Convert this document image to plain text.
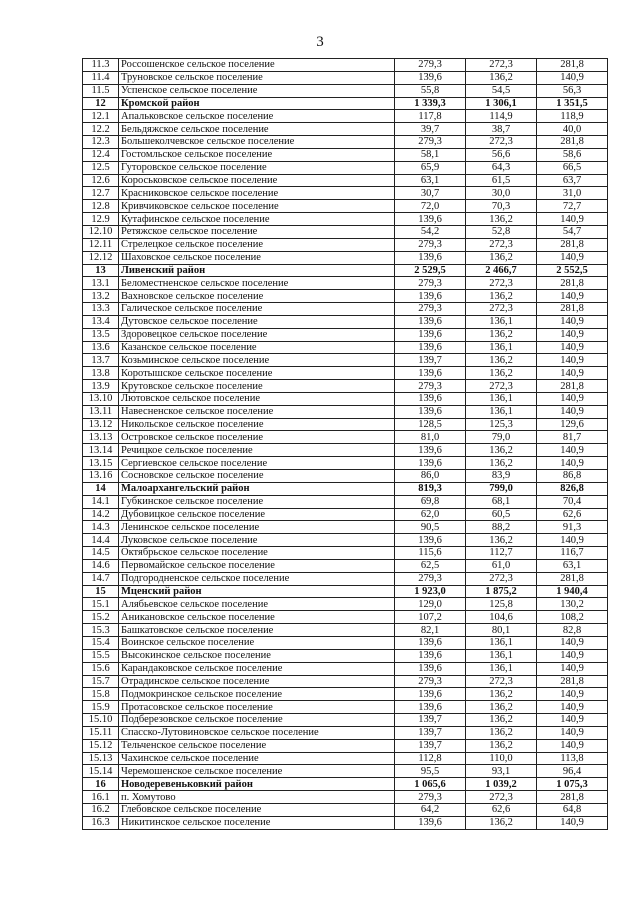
3
11.3	Россошенское сельское поселение	279,3	272,3	281,8
11.4	Труновское сельское поселение	139,6	136,2	140,9
11.5	Успенское сельское поселение	55,8	54,5	56,3
12	Кромской район	1 339,3	1 306,1	1 351,5
12.1	Апальковское сельское поселение	117,8	114,9	118,9
12.2	Бельдяжское сельское поселение	39,7	38,7	40,0
12.3	Большеколчевское сельское поселение	279,3	272,3	281,8
12.4	Гостомльское сельское поселение	58,1	56,6	58,6
12.5	Гуторовское сельское поселение	65,9	64,3	66,5
12.6	Короськовское сельское поселение	63,1	61,5	63,7
12.7	Красниковское сельское поселение	30,7	30,0	31,0
12.8	Кривчиковское сельское поселение	72,0	70,3	72,7
12.9	Кутафинское сельское поселение	139,6	136,2	140,9
12.10	Ретяжское сельское поселение	54,2	52,8	54,7
12.11	Стрелецкое сельское поселение	279,3	272,3	281,8
12.12	Шаховское сельское поселение	139,6	136,2	140,9
13	Ливенский район	2 529,5	2 466,7	2 552,5
13.1	Беломестненское сельское поселение	279,3	272,3	281,8
13.2	Вахновское сельское поселение	139,6	136,2	140,9
13.3	Галическое сельское поселение	279,3	272,3	281,8
13.4	Дутовское сельское поселение	139,6	136,1	140,9
13.5	Здоровецкое сельское поселение	139,6	136,2	140,9
13.6	Казанское сельское поселение	139,6	136,1	140,9
13.7	Козьминское сельское поселение	139,7	136,2	140,9
13.8	Коротышское сельское поселение	139,6	136,2	140,9
13.9	Крутовское сельское поселение	279,3	272,3	281,8
13.10	Лютовское сельское поселение	139,6	136,1	140,9
13.11	Навесненское сельское поселение	139,6	136,1	140,9
13.12	Никольское сельское поселение	128,5	125,3	129,6
13.13	Островское сельское поселение	81,0	79,0	81,7
13.14	Речицкое сельское поселение	139,6	136,2	140,9
13.15	Сергиевское сельское поселение	139,6	136,2	140,9
13.16	Сосновское сельское поселение	86,0	83,9	86,8
14	Малоархангельский район	819,3	799,0	826,8
14.1	Губкинское сельское поселение	69,8	68,1	70,4
14.2	Дубовицкое сельское поселение	62,0	60,5	62,6
14.3	Ленинское сельское поселение	90,5	88,2	91,3
14.4	Луковское сельское поселение	139,6	136,2	140,9
14.5	Октябрьское сельское поселение	115,6	112,7	116,7
14.6	Первомайское сельское поселение	62,5	61,0	63,1
14.7	Подгородненское сельское поселение	279,3	272,3	281,8
15	Мценский район	1 923,0	1 875,2	1 940,4
15.1	Алябьевское сельское поселение	129,0	125,8	130,2
15.2	Аникановское сельское поселение	107,2	104,6	108,2
15.3	Башкатовское сельское поселение	82,1	80,1	82,8
15.4	Воинское сельское поселение	139,6	136,1	140,9
15.5	Высокинское сельское поселение	139,6	136,1	140,9
15.6	Карандаковское сельское поселение	139,6	136,1	140,9
15.7	Отрадинское сельское поселение	279,3	272,3	281,8
15.8	Подмокринское сельское поселение	139,6	136,2	140,9
15.9	Протасовское сельское поселение	139,6	136,2	140,9
15.10	Подберезовское сельское поселение	139,7	136,2	140,9
15.11	Спасско-Лутовиновское сельское поселение	139,7	136,2	140,9
15.12	Тельченское сельское поселение	139,7	136,2	140,9
15.13	Чахинское сельское поселение	112,8	110,0	113,8
15.14	Черемошенское сельское поселение	95,5	93,1	96,4
16	Новодеревеньковкий район	1 065,6	1 039,2	1 075,3
16.1	п. Хомутово	279,3	272,3	281,8
16.2	Глебовское сельское поселение	64,2	62,6	64,8
16.3	Никитинское сельское поселение	139,6	136,2	140,9
